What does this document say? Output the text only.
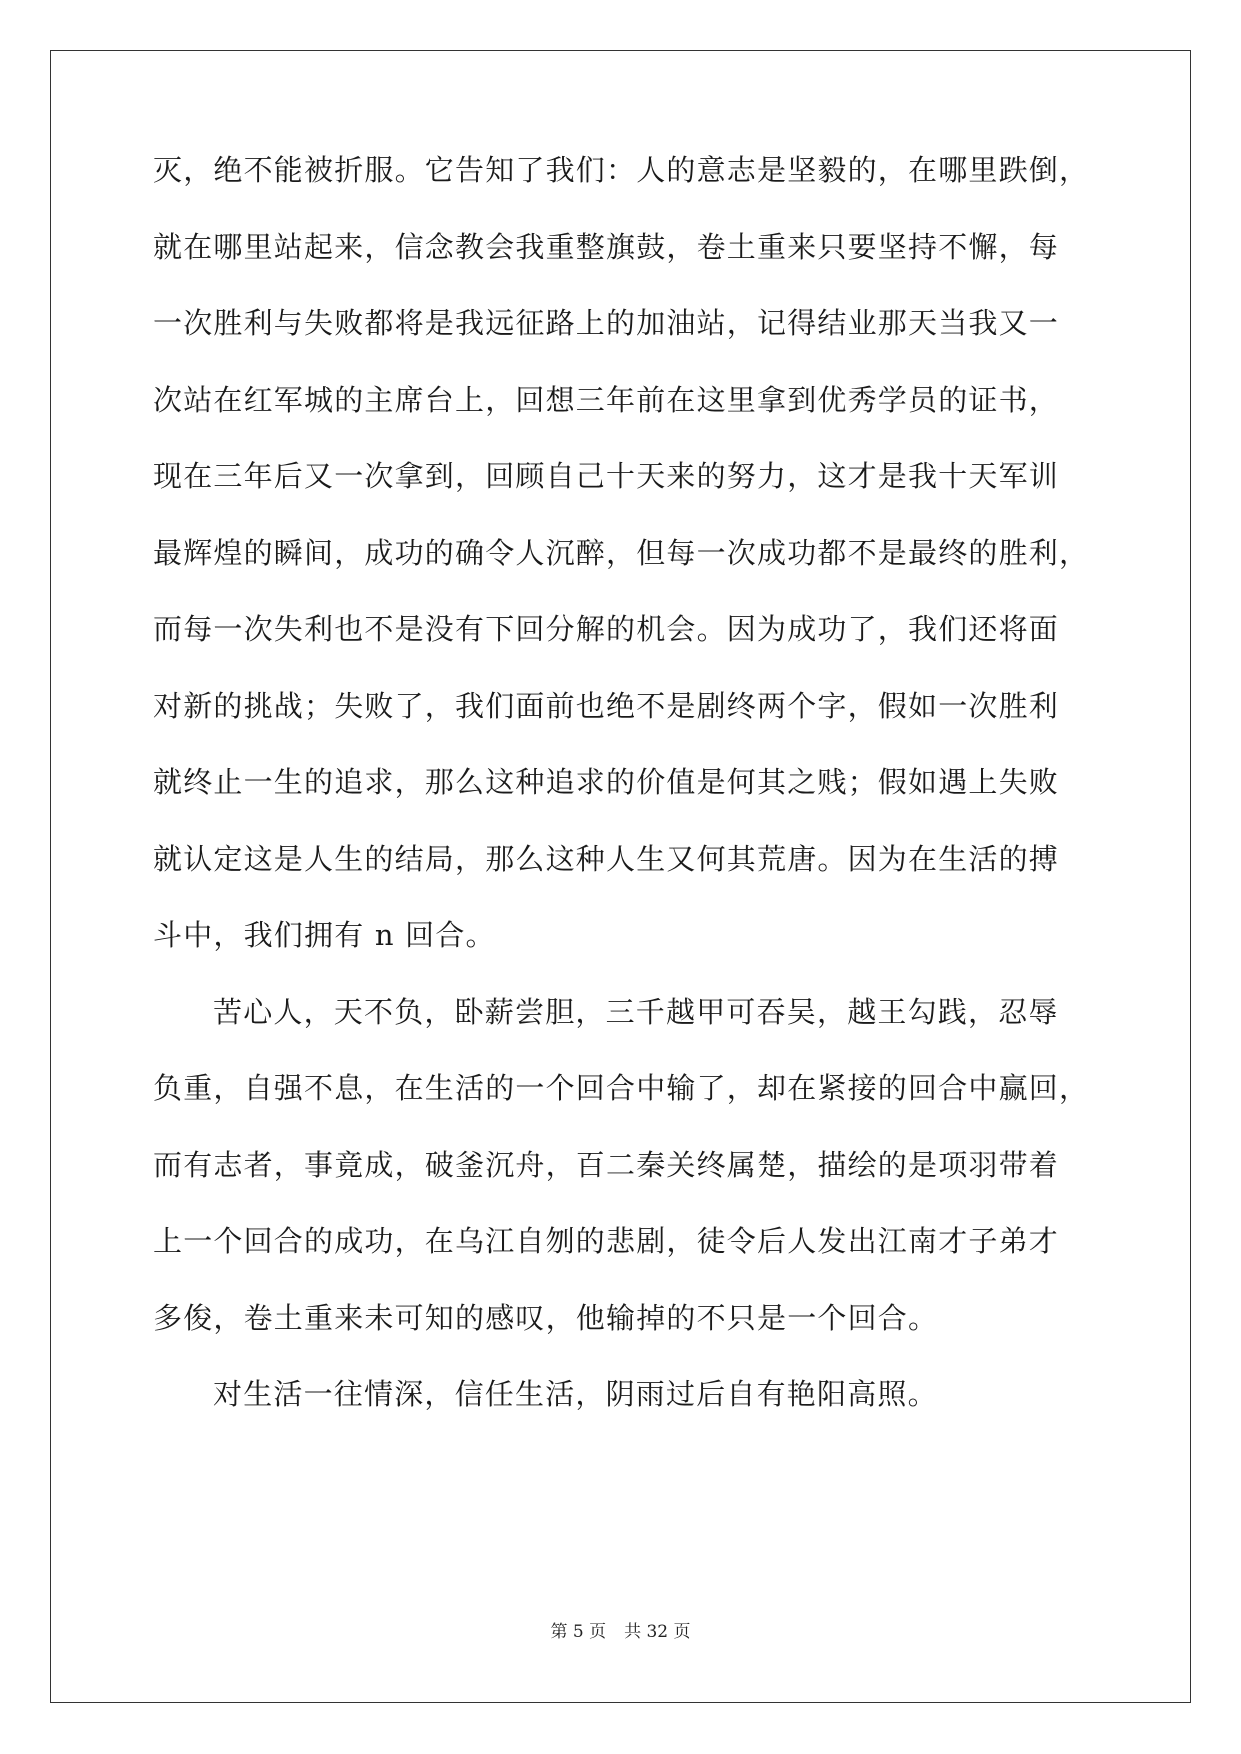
灭，绝不能被折服。它告知了我们：人的意志是坚毅的，在哪里跌倒，
就在哪里站起来，信念教会我重整旗鼓，卷土重来只要坚持不懈，每
一次胜利与失败都将是我远征路上的加油站，记得结业那天当我又一
次站在红军城的主席台上，回想三年前在这里拿到优秀学员的证书，
现在三年后又一次拿到，回顾自己十天来的努力，这才是我十天军训
最辉煌的瞬间，成功的确令人沉醉，但每一次成功都不是最终的胜利，
而每一次失利也不是没有下回分解的机会。因为成功了，我们还将面
对新的挑战；失败了，我们面前也绝不是剧终两个字，假如一次胜利
就终止一生的追求，那么这种追求的价值是何其之贱；假如遇上失败
就认定这是人生的结局，那么这种人生又何其荒唐。因为在生活的搏
斗中，我们拥有 n 回合。
苦心人，天不负，卧薪尝胆，三千越甲可吞吴，越王勾践，忍辱
负重，自强不息，在生活的一个回合中输了，却在紧接的回合中赢回，
而有志者，事竟成，破釜沉舟，百二秦关终属楚，描绘的是项羽带着
上一个回合的成功，在乌江自刎的悲剧，徒令后人发出江南才子弟才
多俊，卷土重来未可知的感叹，他输掉的不只是一个回合。
对生活一往情深，信任生活，阴雨过后自有艳阳高照。
第 5 页 共 32 页
